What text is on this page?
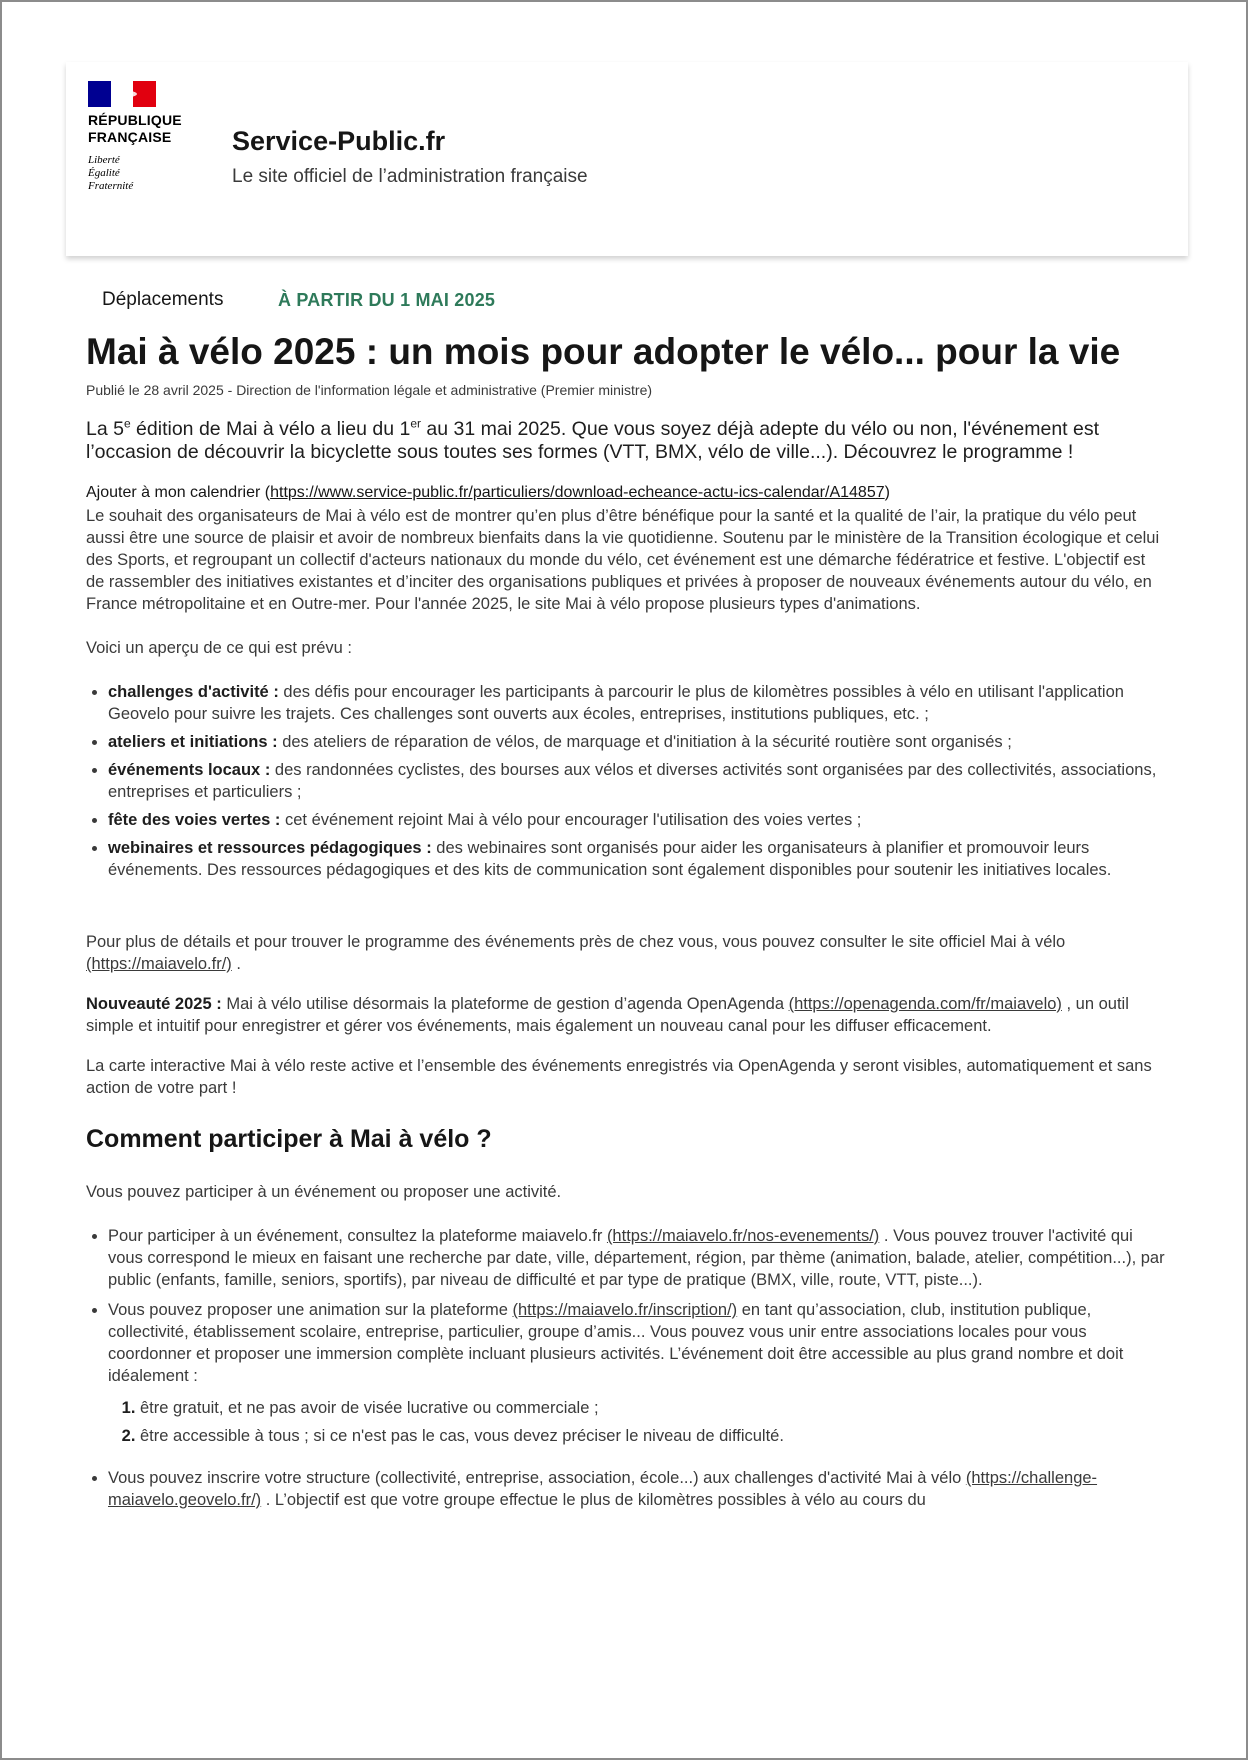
RÉPUBLIQUE
FRANÇAISE
Liberté
Égalité
Fraternité
Service-Public.fr
Le site officiel de l’administration française
Déplacements	À PARTIR DU 1 MAI 2025
Mai à vélo 2025 : un mois pour adopter le vélo... pour la vie
Publié le 28 avril 2025 - Direction de l'information légale et administrative (Premier ministre)

La 5e édition de Mai à vélo a lieu du 1er au 31 mai 2025. Que vous soyez déjà adepte du vélo ou non, l'événement est l’occasion de découvrir la bicyclette sous toutes ses formes (VTT, BMX, vélo de ville...). Découvrez le programme !

Ajouter à mon calendrier (https://www.service-public.fr/particuliers/download-echeance-actu-ics-calendar/A14857)

Le souhait des organisateurs de Mai à vélo est de montrer qu’en plus d’être bénéfique pour la santé et la qualité de l’air, la pratique du vélo peut aussi être une source de plaisir et avoir de nombreux bienfaits dans la vie quotidienne. Soutenu par le ministère de la Transition écologique et celui des Sports, et regroupant un collectif d'acteurs nationaux du monde du vélo, cet événement est une démarche fédératrice et festive. L'objectif est de rassembler des initiatives existantes et d’inciter des organisations publiques et privées à proposer de nouveaux événements autour du vélo, en France métropolitaine et en Outre-mer. Pour l'année 2025, le site Mai à vélo propose plusieurs types d'animations.

Voici un aperçu de ce qui est prévu :

• challenges d'activité : des défis pour encourager les participants à parcourir le plus de kilomètres possibles à vélo en utilisant l'application Geovelo pour suivre les trajets. Ces challenges sont ouverts aux écoles, entreprises, institutions publiques, etc. ;
• ateliers et initiations : des ateliers de réparation de vélos, de marquage et d'initiation à la sécurité routière sont organisés ;
• événements locaux : des randonnées cyclistes, des bourses aux vélos et diverses activités sont organisées par des collectivités, associations, entreprises et particuliers ;
• fête des voies vertes : cet événement rejoint Mai à vélo pour encourager l'utilisation des voies vertes ;
• webinaires et ressources pédagogiques : des webinaires sont organisés pour aider les organisateurs à planifier et promouvoir leurs événements. Des ressources pédagogiques et des kits de communication sont également disponibles pour soutenir les initiatives locales.

Pour plus de détails et pour trouver le programme des événements près de chez vous, vous pouvez consulter le site officiel Mai à vélo (https://maiavelo.fr/) .

Nouveauté 2025 : Mai à vélo utilise désormais la plateforme de gestion d’agenda OpenAgenda (https://openagenda.com/fr/maiavelo) , un outil simple et intuitif pour enregistrer et gérer vos événements, mais également un nouveau canal pour les diffuser efficacement.

La carte interactive Mai à vélo reste active et l’ensemble des événements enregistrés via OpenAgenda y seront visibles, automatiquement et sans action de votre part !

Comment participer à Mai à vélo ?

Vous pouvez participer à un événement ou proposer une activité.

• Pour participer à un événement, consultez la plateforme maiavelo.fr (https://maiavelo.fr/nos-evenements/) . Vous pouvez trouver l'activité qui vous correspond le mieux en faisant une recherche par date, ville, département, région, par thème (animation, balade, atelier, compétition...), par public (enfants, famille, seniors, sportifs), par niveau de difficulté et par type de pratique (BMX, ville, route, VTT, piste...).
• Vous pouvez proposer une animation sur la plateforme (https://maiavelo.fr/inscription/) en tant qu’association, club, institution publique, collectivité, établissement scolaire, entreprise, particulier, groupe d’amis... Vous pouvez vous unir entre associations locales pour vous coordonner et proposer une immersion complète incluant plusieurs activités. L’événement doit être accessible au plus grand nombre et doit idéalement :
1. être gratuit, et ne pas avoir de visée lucrative ou commerciale ;
2. être accessible à tous ; si ce n'est pas le cas, vous devez préciser le niveau de difficulté.
• Vous pouvez inscrire votre structure (collectivité, entreprise, association, école...) aux challenges d'activité Mai à vélo (https://challenge-maiavelo.geovelo.fr/) . L’objectif est que votre groupe effectue le plus de kilomètres possibles à vélo au cours du
